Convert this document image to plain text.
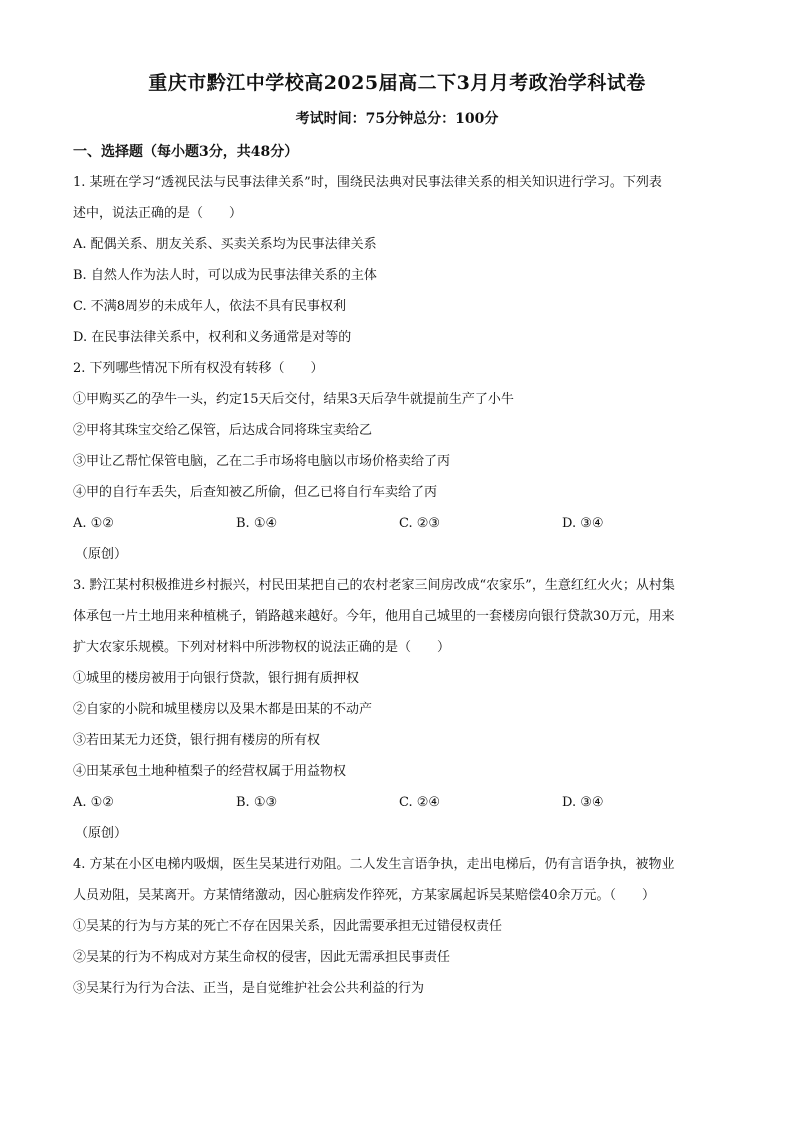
重庆市黔江中学校高2025届高二下3月月考政治学科试卷
考试时间：75分钟总分：100分
一、选择题（每小题3分，共48分）
1. 某班在学习“透视民法与民事法律关系”时，围绕民法典对民事法律关系的相关知识进行学习。下列表
述中，说法正确的是（　　）
A. 配偶关系、朋友关系、买卖关系均为民事法律关系
B. 自然人作为法人时，可以成为民事法律关系的主体
C. 不满8周岁的未成年人，依法不具有民事权利
D. 在民事法律关系中，权利和义务通常是对等的
2. 下列哪些情况下所有权没有转移（　　）
①甲购买乙的孕牛一头，约定15天后交付，结果3天后孕牛就提前生产了小牛
②甲将其珠宝交给乙保管，后达成合同将珠宝卖给乙
③甲让乙帮忙保管电脑，乙在二手市场将电脑以市场价格卖给了丙
④甲的自行车丢失，后查知被乙所偷，但乙已将自行车卖给了丙
A. ①②	B. ①④	C. ②③	D. ③④
（原创）
3. 黔江某村积极推进乡村振兴，村民田某把自己的农村老家三间房改成“农家乐”，生意红红火火；从村集
体承包一片土地用来种植桃子，销路越来越好。今年，他用自己城里的一套楼房向银行贷款30万元，用来
扩大农家乐规模。下列对材料中所涉物权的说法正确的是（　　）
①城里的楼房被用于向银行贷款，银行拥有质押权
②自家的小院和城里楼房以及果木都是田某的不动产
③若田某无力还贷，银行拥有楼房的所有权
④田某承包土地种植梨子的经营权属于用益物权
A. ①②	B. ①③	C. ②④	D. ③④
（原创）
4. 方某在小区电梯内吸烟，医生吴某进行劝阻。二人发生言语争执，走出电梯后，仍有言语争执，被物业
人员劝阻，吴某离开。方某情绪激动，因心脏病发作猝死，方某家属起诉吴某赔偿40余万元。（　　）
①吴某的行为与方某的死亡不存在因果关系，因此需要承担无过错侵权责任
②吴某的行为不构成对方某生命权的侵害，因此无需承担民事责任
③吴某行为行为合法、正当，是自觉维护社会公共利益的行为
